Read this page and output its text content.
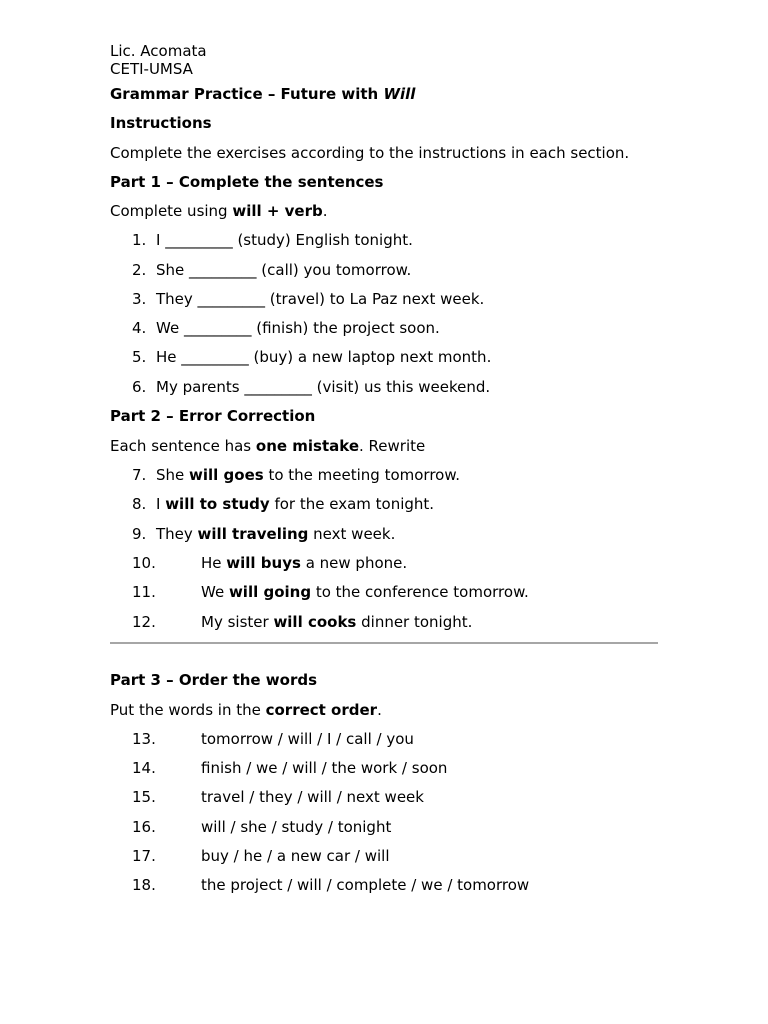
Lic. Acomata
CETI-UMSA
Grammar Practice – Future with Will
Instructions
Complete the exercises according to the instructions in each section.
Part 1 – Complete the sentences
Complete using will + verb.
1. I _________ (study) English tonight.
2. She _________ (call) you tomorrow.
3. They _________ (travel) to La Paz next week.
4. We _________ (finish) the project soon.
5. He _________ (buy) a new laptop next month.
6. My parents _________ (visit) us this weekend.
Part 2 – Error Correction
Each sentence has one mistake. Rewrite
7. She will goes to the meeting tomorrow.
8. I will to study for the exam tonight.
9. They will traveling next week.
10.	He will buys a new phone.
11.	We will going to the conference tomorrow.
12.	My sister will cooks dinner tonight.
Part 3 – Order the words
Put the words in the correct order.
13.	tomorrow / will / I / call / you
14.	finish / we / will / the work / soon
15.	travel / they / will / next week
16.	will / she / study / tonight
17.	buy / he / a new car / will
18.	the project / will / complete / we / tomorrow
